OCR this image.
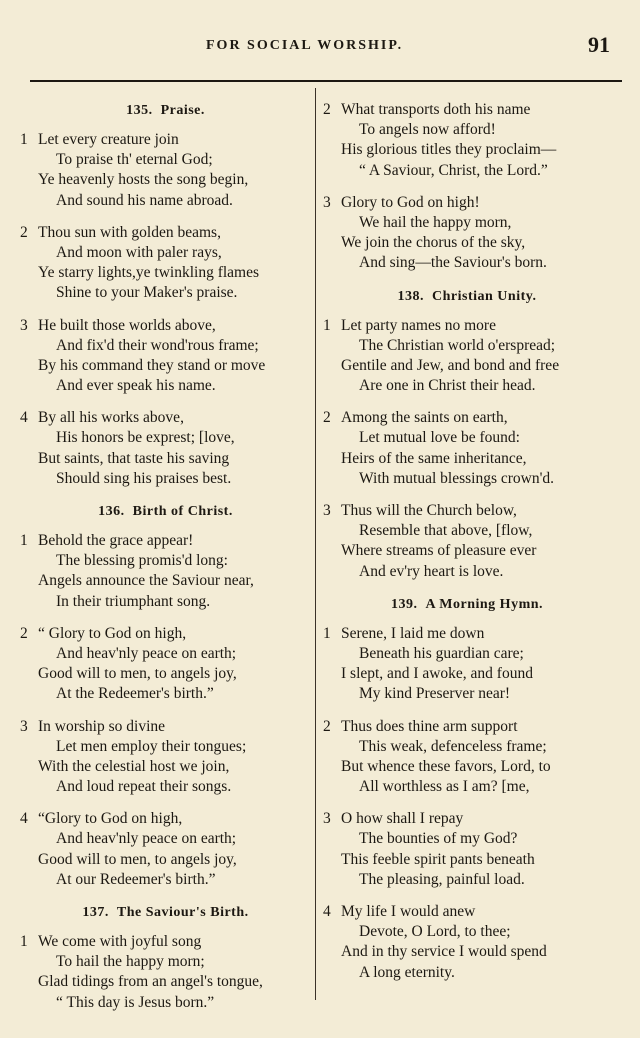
FOR SOCIAL WORSHIP.	91
135. Praise.
1 Let every creature join
To praise th' eternal God;
Ye heavenly hosts the song begin,
And sound his name abroad.
2 Thou sun with golden beams,
And moon with paler rays,
Ye starry lights,ye twinkling flames
Shine to your Maker's praise.
3 He built those worlds above,
And fix'd their wond'rous frame;
By his command they stand or move
And ever speak his name.
4 By all his works above,
His honors be exprest; [love,
But saints, that taste his saving
Should sing his praises best.
136. Birth of Christ.
1 Behold the grace appear!
The blessing promis'd long:
Angels announce the Saviour near,
In their triumphant song.
2 “ Glory to God on high,
And heav'nly peace on earth;
Good will to men, to angels joy,
At the Redeemer's birth.”
3 In worship so divine
Let men employ their tongues;
With the celestial host we join,
And loud repeat their songs.
4 “Glory to God on high,
And heav'nly peace on earth;
Good will to men, to angels joy,
At our Redeemer's birth.”
137. The Saviour's Birth.
1 We come with joyful song
To hail the happy morn;
Glad tidings from an angel's tongue,
“ This day is Jesus born.”
2 What transports doth his name
To angels now afford!
His glorious titles they proclaim—
“ A Saviour, Christ, the Lord.”
3 Glory to God on high!
We hail the happy morn,
We join the chorus of the sky,
And sing—the Saviour's born.
138. Christian Unity.
1 Let party names no more
The Christian world o'erspread;
Gentile and Jew, and bond and free
Are one in Christ their head.
2 Among the saints on earth,
Let mutual love be found:
Heirs of the same inheritance,
With mutual blessings crown'd.
3 Thus will the Church below,
Resemble that above, [flow,
Where streams of pleasure ever
And ev'ry heart is love.
139. A Morning Hymn.
1 Serene, I laid me down
Beneath his guardian care;
I slept, and I awoke, and found
My kind Preserver near!
2 Thus does thine arm support
This weak, defenceless frame;
But whence these favors, Lord, to
All worthless as I am? [me,
3 O how shall I repay
The bounties of my God?
This feeble spirit pants beneath
The pleasing, painful load.
4 My life I would anew
Devote, O Lord, to thee;
And in thy service I would spend
A long eternity.
